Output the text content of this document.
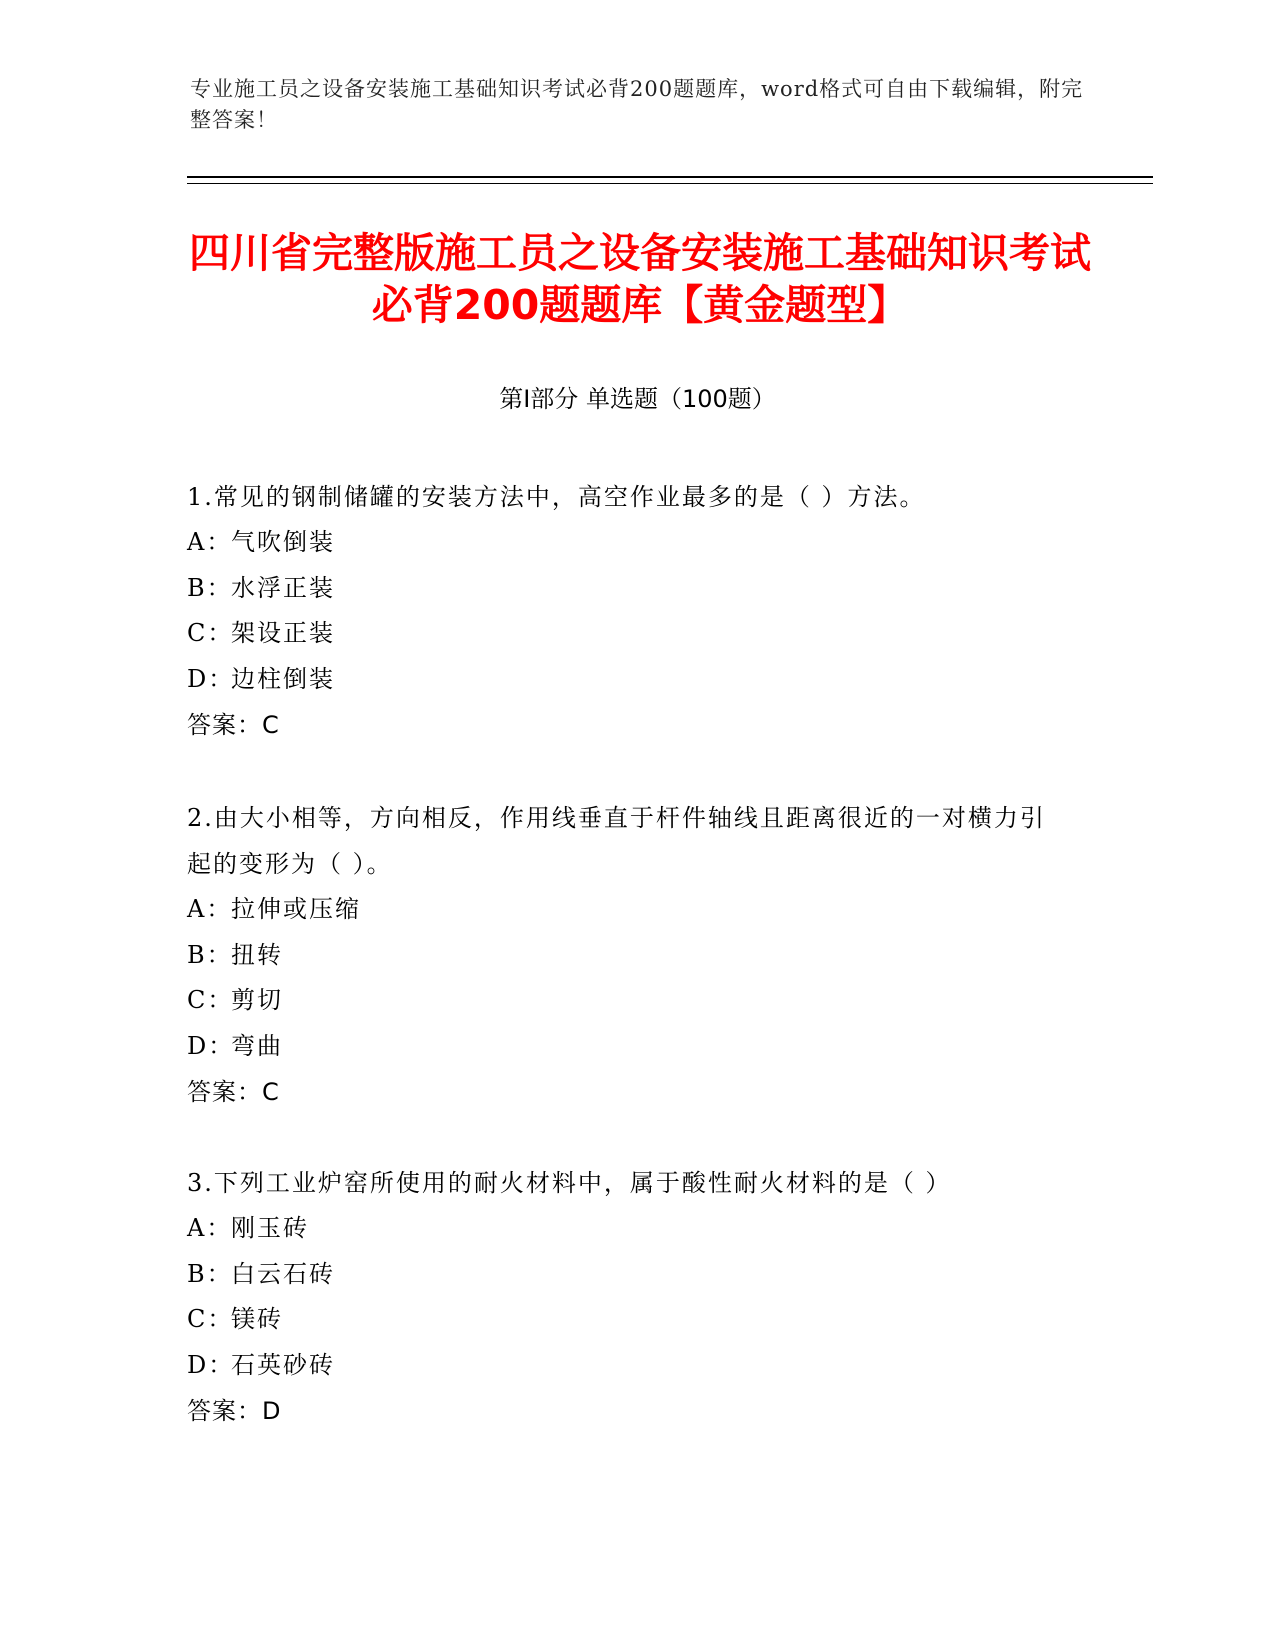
专业施工员之设备安装施工基础知识考试必背200题题库，word格式可自由下载编辑，附完整答案！
四川省完整版施工员之设备安装施工基础知识考试必背200题题库【黄金题型】
第Ⅰ部分 单选题（100题）
1.常见的钢制储罐的安装方法中，高空作业最多的是（ ）方法。
A：气吹倒装
B：水浮正装
C：架设正装
D：边柱倒装
答案：C
2.由大小相等，方向相反，作用线垂直于杆件轴线且距离很近的一对横力引起的变形为（ ）。
A：拉伸或压缩
B：扭转
C：剪切
D：弯曲
答案：C
3.下列工业炉窑所使用的耐火材料中，属于酸性耐火材料的是（ ）
A：刚玉砖
B：白云石砖
C：镁砖
D：石英砂砖
答案：D
